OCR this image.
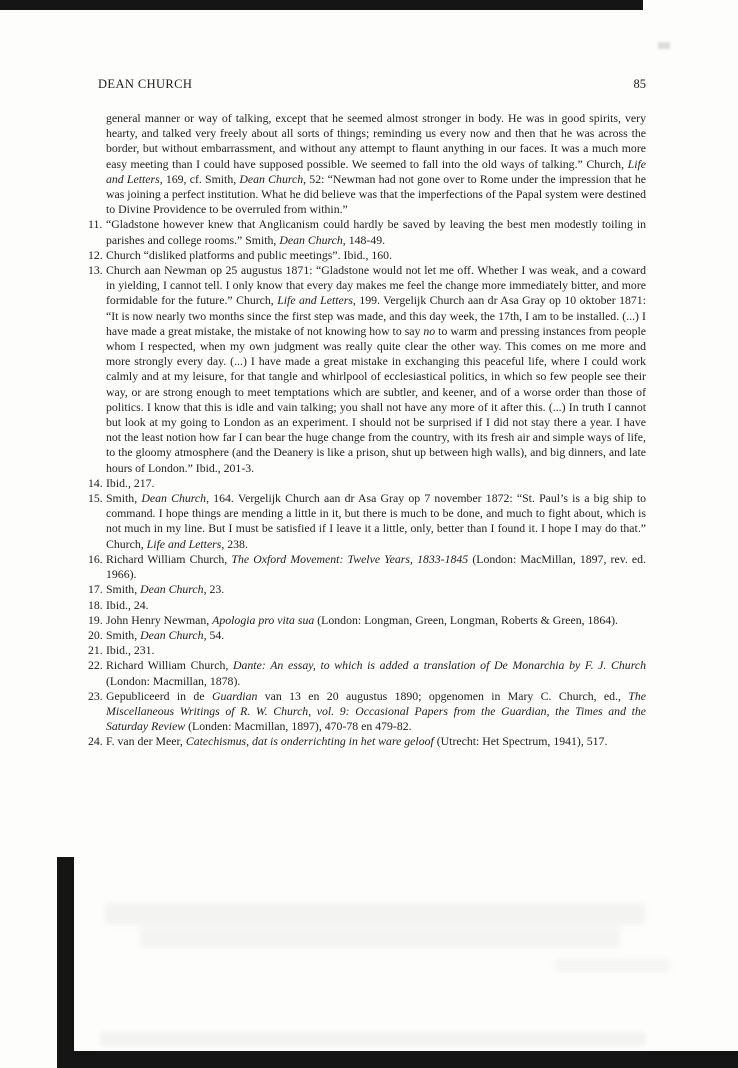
DEAN CHURCH	85
general manner or way of talking, except that he seemed almost stronger in body. He was in good spirits, very hearty, and talked very freely about all sorts of things; reminding us every now and then that he was across the border, but without embarrassment, and without any attempt to flaunt anything in our faces. It was a much more easy meeting than I could have supposed possible. We seemed to fall into the old ways of talking.” Church, Life and Letters, 169, cf. Smith, Dean Church, 52: “Newman had not gone over to Rome under the impression that he was joining a perfect institution. What he did believe was that the imperfections of the Papal system were destined to Divine Providence to be overruled from within.”
11. “Gladstone however knew that Anglicanism could hardly be saved by leaving the best men modestly toiling in parishes and college rooms.” Smith, Dean Church, 148-49.
12. Church “disliked platforms and public meetings”. Ibid., 160.
13. Church aan Newman op 25 augustus 1871: “Gladstone would not let me off. Whether I was weak, and a coward in yielding, I cannot tell. I only know that every day makes me feel the change more immediately bitter, and more formidable for the future.” Church, Life and Letters, 199. Vergelijk Church aan dr Asa Gray op 10 oktober 1871: “It is now nearly two months since the first step was made, and this day week, the 17th, I am to be installed. (...) I have made a great mistake, the mistake of not knowing how to say no to warm and pressing instances from people whom I respected, when my own judgment was really quite clear the other way. This comes on me more and more strongly every day. (...) I have made a great mistake in exchanging this peaceful life, where I could work calmly and at my leisure, for that tangle and whirlpool of ecclesiastical politics, in which so few people see their way, or are strong enough to meet temptations which are subtler, and keener, and of a worse order than those of politics. I know that this is idle and vain talking; you shall not have any more of it after this. (...) In truth I cannot but look at my going to London as an experiment. I should not be surprised if I did not stay there a year. I have not the least notion how far I can bear the huge change from the country, with its fresh air and simple ways of life, to the gloomy atmosphere (and the Deanery is like a prison, shut up between high walls), and big dinners, and late hours of London.” Ibid., 201-3.
14. Ibid., 217.
15. Smith, Dean Church, 164. Vergelijk Church aan dr Asa Gray op 7 november 1872: “St. Paul’s is a big ship to command. I hope things are mending a little in it, but there is much to be done, and much to fight about, which is not much in my line. But I must be satisfied if I leave it a little, only, better than I found it. I hope I may do that.” Church, Life and Letters, 238.
16. Richard William Church, The Oxford Movement: Twelve Years, 1833-1845 (London: MacMillan, 1897, rev. ed. 1966).
17. Smith, Dean Church, 23.
18. Ibid., 24.
19. John Henry Newman, Apologia pro vita sua (London: Longman, Green, Longman, Roberts & Green, 1864).
20. Smith, Dean Church, 54.
21. Ibid., 231.
22. Richard William Church, Dante: An essay, to which is added a translation of De Monarchia by F. J. Church (London: Macmillan, 1878).
23. Gepubliceerd in de Guardian van 13 en 20 augustus 1890; opgenomen in Mary C. Church, ed., The Miscellaneous Writings of R. W. Church, vol. 9: Occasional Papers from the Guardian, the Times and the Saturday Review (Londen: Macmillan, 1897), 470-78 en 479-82.
24. F. van der Meer, Catechismus, dat is onderrichting in het ware geloof (Utrecht: Het Spectrum, 1941), 517.
